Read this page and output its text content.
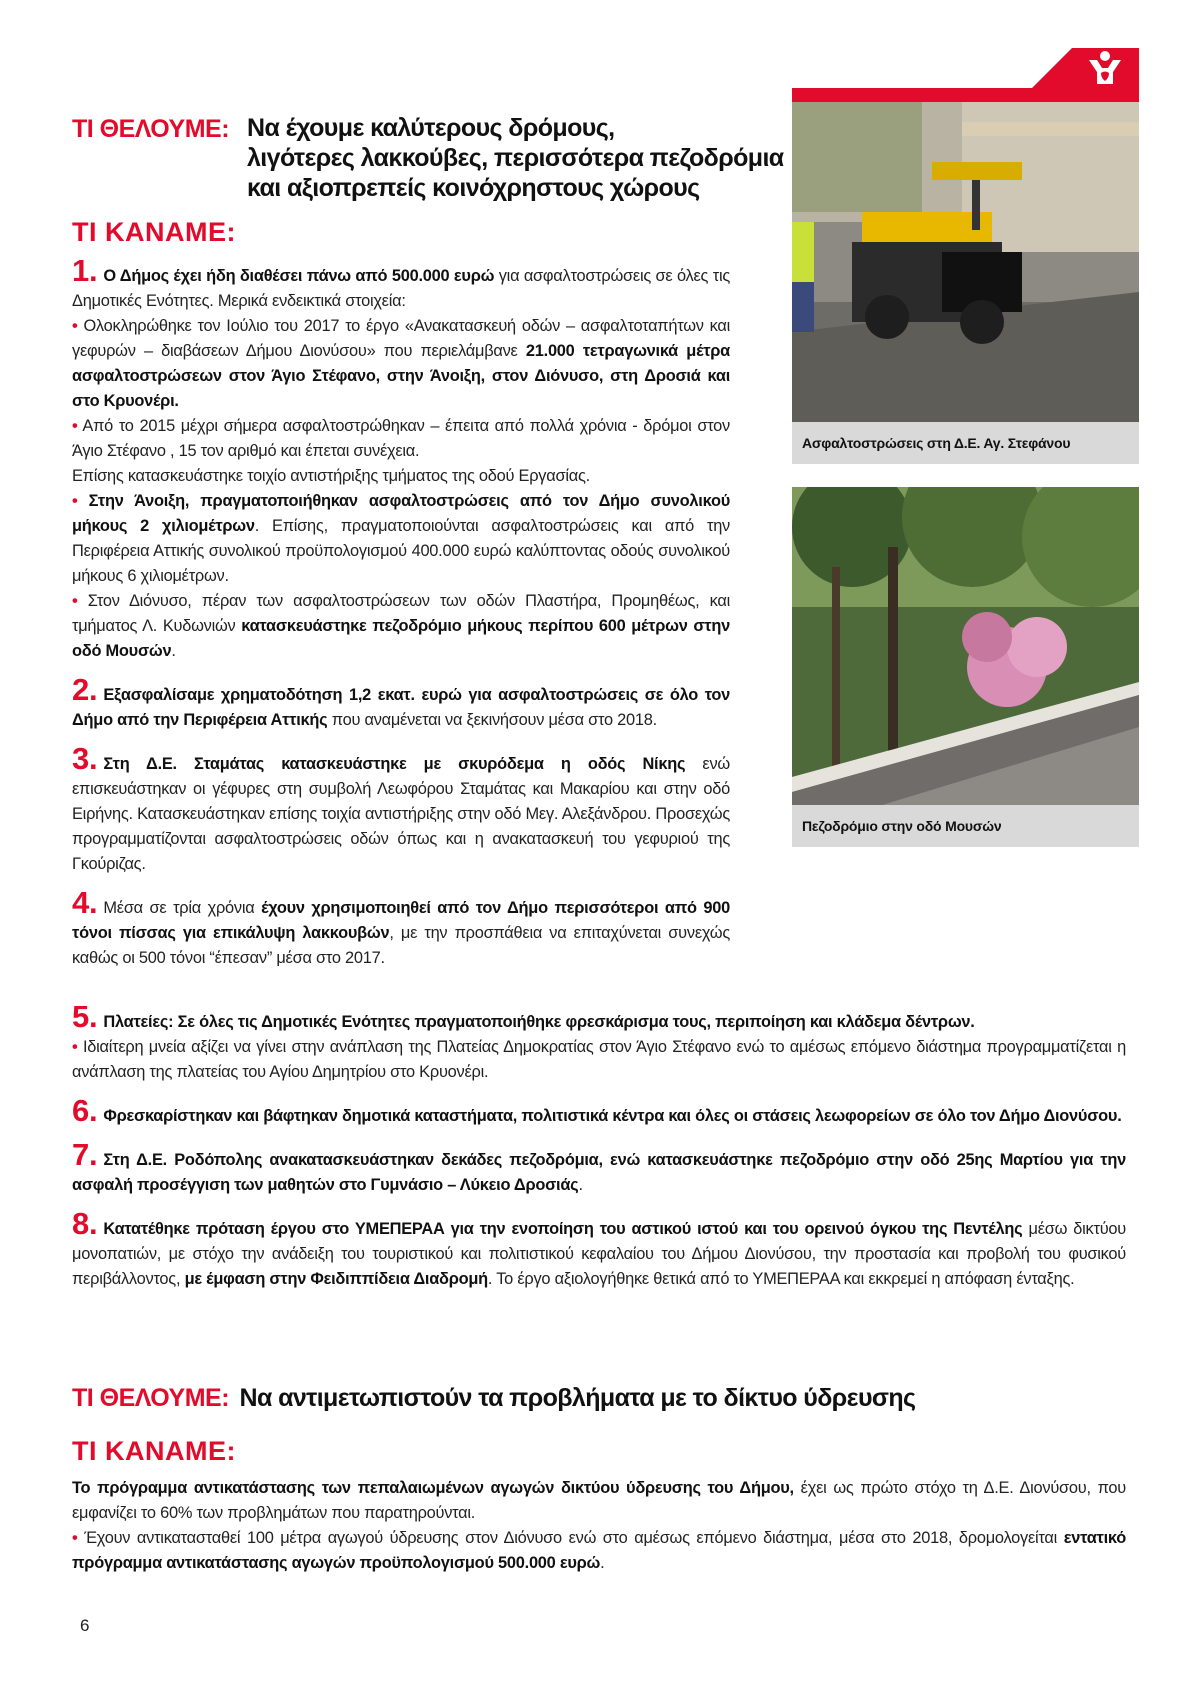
ΤΙ ΘΕΛΟΥΜΕ: Να έχουμε καλύτερους δρόμους,
λιγότερες λακκούβες, περισσότερα πεζοδρόμια
και αξιοπρεπείς κοινόχρηστους χώρους
ΤΙ ΚΑΝΑΜΕ:

1. Ο Δήμος έχει ήδη διαθέσει πάνω από 500.000 ευρώ για ασφαλτοστρώσεις σε όλες τις Δημοτικές Ενότητες. Μερικά ενδεικτικά στοιχεία:

• Ολοκληρώθηκε τον Ιούλιο του 2017 το έργο «Ανακατασκευή οδών – ασφαλτοταπήτων και γεφυρών – διαβάσεων Δήμου Διονύσου» που περιελάμβανε 21.000 τετραγωνικά μέτρα ασφαλτοστρώσεων στον Άγιο Στέφανο, στην Άνοιξη, στον Διόνυσο, στη Δροσιά και στο Κρυονέρι.

• Από το 2015 μέχρι σήμερα ασφαλτοστρώθηκαν – έπειτα από πολλά χρόνια - δρόμοι στον Άγιο Στέφανο , 15 τον αριθμό και έπεται συνέχεια.

Επίσης κατασκευάστηκε τοιχίο αντιστήριξης τμήματος της οδού Εργασίας.

• Στην Άνοιξη, πραγματοποιήθηκαν ασφαλτοστρώσεις από τον Δήμο συνολικού μήκους 2 χιλιομέτρων. Επίσης, πραγματοποιούνται ασφαλτοστρώσεις και από την Περιφέρεια Αττικής συνολικού προϋπολογισμού 400.000 ευρώ καλύπτοντας οδούς συνολικού μήκους 6 χιλιομέτρων.

• Στον Διόνυσο, πέραν των ασφαλτοστρώσεων των οδών Πλαστήρα, Προμηθέως, και τμήματος Λ. Κυδωνιών κατασκευάστηκε πεζοδρόμιο μήκους περίπου 600 μέτρων στην οδό Μουσών.

2. Εξασφαλίσαμε χρηματοδότηση 1,2 εκατ. ευρώ για ασφαλτοστρώσεις σε όλο τον Δήμο από την Περιφέρεια Αττικής που αναμένεται να ξεκινήσουν μέσα στο 2018.

3. Στη Δ.Ε. Σταμάτας κατασκευάστηκε με σκυρόδεμα η οδός Νίκης ενώ επισκευάστηκαν οι γέφυρες στη συμβολή Λεωφόρου Σταμάτας και Μακαρίου και στην οδό Ειρήνης. Κατασκευάστηκαν επίσης τοιχία αντιστήριξης στην οδό Μεγ. Αλεξάνδρου. Προσεχώς προγραμματίζονται ασφαλτοστρώσεις οδών όπως και η ανακατασκευή του γεφυριού της Γκούριζας.

4. Μέσα σε τρία χρόνια έχουν χρησιμοποιηθεί από τον Δήμο περισσότεροι από 900 τόνοι πίσσας για επικάλυψη λακκουβών, με την προσπάθεια να επιταχύνεται συνεχώς καθώς οι 500 τόνοι “έπεσαν” μέσα στο 2017.

Ασφαλτοστρώσεις στη Δ.Ε. Αγ. Στεφάνου
Πεζοδρόμιο στην οδό Μουσών

5. Πλατείες: Σε όλες τις Δημοτικές Ενότητες πραγματοποιήθηκε φρεσκάρισμα τους, περιποίηση και κλάδεμα δέντρων.

• Ιδιαίτερη μνεία αξίζει να γίνει στην ανάπλαση της Πλατείας Δημοκρατίας στον Άγιο Στέφανο ενώ το αμέσως επόμενο διάστημα προγραμματίζεται η ανάπλαση της πλατείας του Αγίου Δημητρίου στο Κρυονέρι.

6. Φρεσκαρίστηκαν και βάφτηκαν δημοτικά καταστήματα, πολιτιστικά κέντρα και όλες οι στάσεις λεωφορείων σε όλο τον Δήμο Διονύσου.

7. Στη Δ.Ε. Ροδόπολης ανακατασκευάστηκαν δεκάδες πεζοδρόμια, ενώ κατασκευάστηκε πεζοδρόμιο στην οδό 25ης Μαρτίου για την ασφαλή προσέγγιση των μαθητών στο Γυμνάσιο – Λύκειο Δροσιάς.

8. Κατατέθηκε πρόταση έργου στο ΥΜΕΠΕΡΑΑ για την ενοποίηση του αστικού ιστού και του ορεινού όγκου της Πεντέλης μέσω δικτύου μονοπατιών, με στόχο την ανάδειξη του τουριστικού και πολιτιστικού κεφαλαίου του Δήμου Διονύσου, την προστασία και προβολή του φυσικού περιβάλλοντος, με έμφαση στην Φειδιππίδεια Διαδρομή. Το έργο αξιολογήθηκε θετικά από το ΥΜΕΠΕΡΑΑ και εκκρεμεί η απόφαση ένταξης.

ΤΙ ΘΕΛΟΥΜΕ: Να αντιμετωπιστούν τα προβλήματα με το δίκτυο ύδρευσης
ΤΙ ΚΑΝΑΜΕ:

Το πρόγραμμα αντικατάστασης των πεπαλαιωμένων αγωγών δικτύου ύδρευσης του Δήμου, έχει ως πρώτο στόχο τη Δ.Ε. Διονύσου, που εμφανίζει το 60% των προβλημάτων που παρατηρούνται.

• Έχουν αντικατασταθεί 100 μέτρα αγωγού ύδρευσης στον Διόνυσο ενώ στο αμέσως επόμενο διάστημα, μέσα στο 2018, δρομολογείται εντατικό πρόγραμμα αντικατάστασης αγωγών προϋπολογισμού 500.000 ευρώ.

6
